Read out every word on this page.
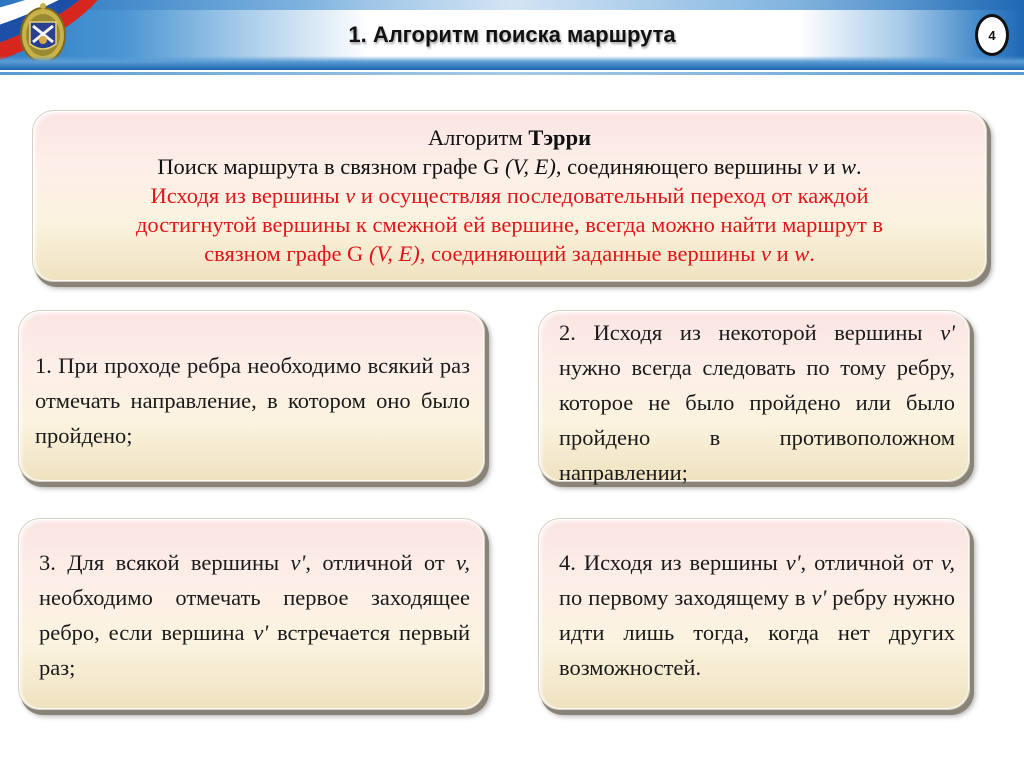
1. Алгоритм поиска маршрута	4
Алгоритм Тэрри
Поиск маршрута в связном графе G (V, E), соединяющего вершины v и w.
Исходя из вершины v и осуществляя последовательный переход от каждой
достигнутой вершины к смежной ей вершине, всегда можно найти маршрут в
связном графе G (V, E), соединяющий заданные вершины v и w.
1. При проходе ребра необходимо всякий раз отмечать направление, в котором оно было пройдено;
2. Исходя из некоторой вершины v' нужно всегда следовать по тому ребру, которое не было пройдено или было пройдено в противоположном направлении;
3. Для всякой вершины v', отличной от v, необходимо отмечать первое заходящее ребро, если вершина v' встречается первый раз;
4. Исходя из вершины v', отличной от v, по первому заходящему в v' ребру нужно идти лишь тогда, когда нет других возможностей.
